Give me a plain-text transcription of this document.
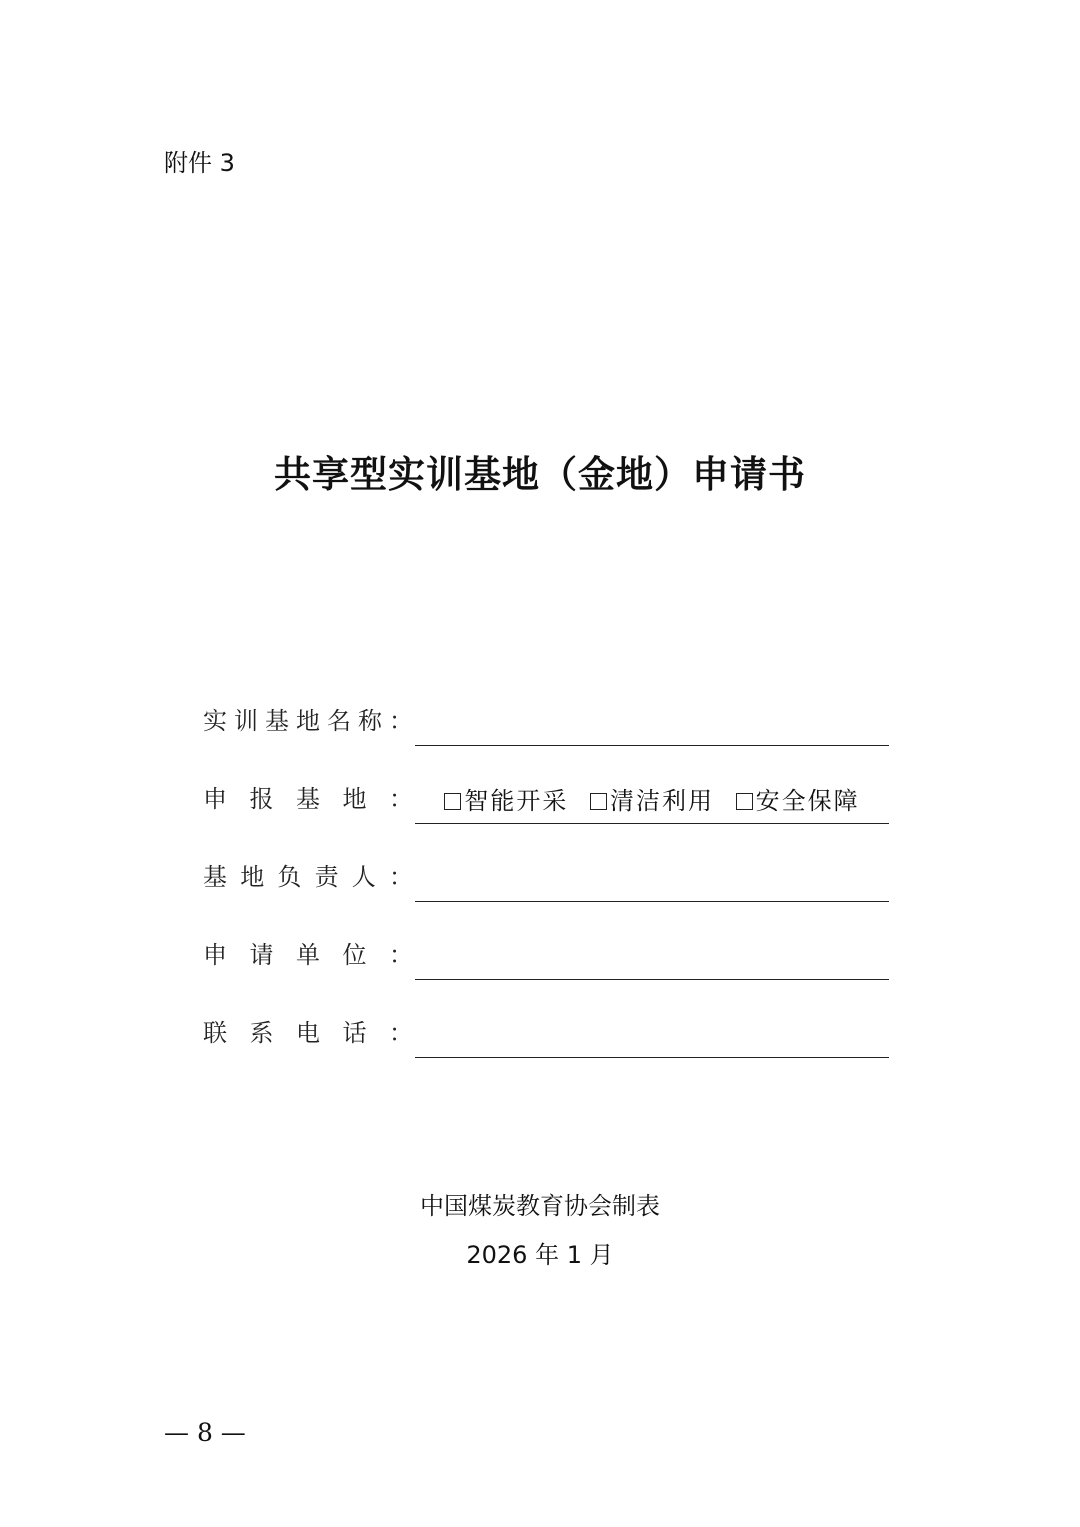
附件 3
共享型实训基地（金地）申请书
实 训 基 地 名 称 ：
申 报 基 地 ：	智能开采 清洁利用 安全保障
基 地 负 责 人 ：
申 请 单 位 ：
联 系 电 话 ：
中国煤炭教育协会制表
2026 年 1 月
— 8 —
